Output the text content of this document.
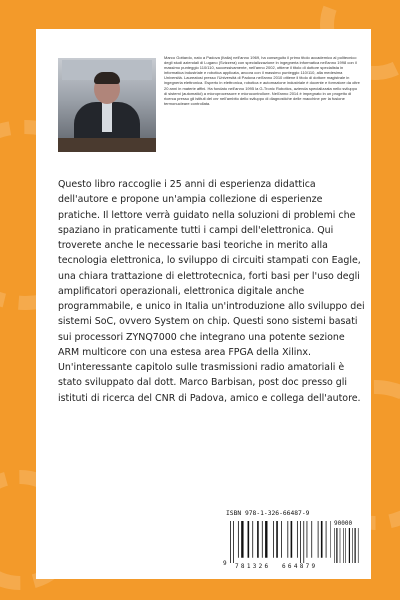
Marco Gottardo, nato a Padova (Italia) nell'anno 1969, ha conseguito il primo titolo accademico al politecnico degli studi aziendali di Lugano (Svizzera) con specializzazione in ingegneria informatica nell'anno 1998 con il massimo punteggio 110/110, successivamente, nell'anno 2002, ottiene il titolo di dottore specialista in informatica industriale e robotica applicata, ancora con il massimo punteggio 110/110, alla medesima Università. Laureatosi presso l'Università di Padova nell'anno 2010 ottiene il titolo di dottore magistrale in ingegneria elettronica. Esperto in elettronica, robotica e automazione industriale è docente e formatore da oltre 20 anni in materie affini. Ha fondato nell'anno 1995 la G-Tronic Robotics, azienda specializzata nello sviluppo di sistemi (automatici) a microprocessore e microcontrollore. Nell'anno 2014 è impegnato in un progetto di ricerca presso gli istituti del cnr nell'ambito dello sviluppo di diagnostiche delle macchine per la fusione termonucleare controllata.
Questo libro raccoglie i 25 anni di esperienza didattica dell'autore e propone un'ampia collezione di esperienze pratiche. Il lettore verrà guidato nella soluzioni di problemi che spaziano in praticamente tutti i campi dell'elettronica. Qui troverete anche le necessarie basi teoriche in merito alla tecnologia elettronica, lo sviluppo di circuiti stampati con Eagle, una chiara trattazione di elettrotecnica, forti basi per l'uso degli amplificatori operazionali, elettronica digitale anche programmabile, e unico in Italia un'introduzione allo sviluppo dei sistemi SoC, ovvero System on chip. Questi sono sistemi basati sui processori ZYNQ7000 che integrano una potente sezione ARM multicore con una estesa area FPGA della Xilinx. Un'interessante capitolo sulle trasmissioni radio amatoriali è stato sviluppato dal dott. Marco Barbisan, post doc presso gli istituti di ricerca del CNR di Padova, amico e collega dell'autore.
ISBN 978-1-326-66487-9
90000
9 781326 664879
